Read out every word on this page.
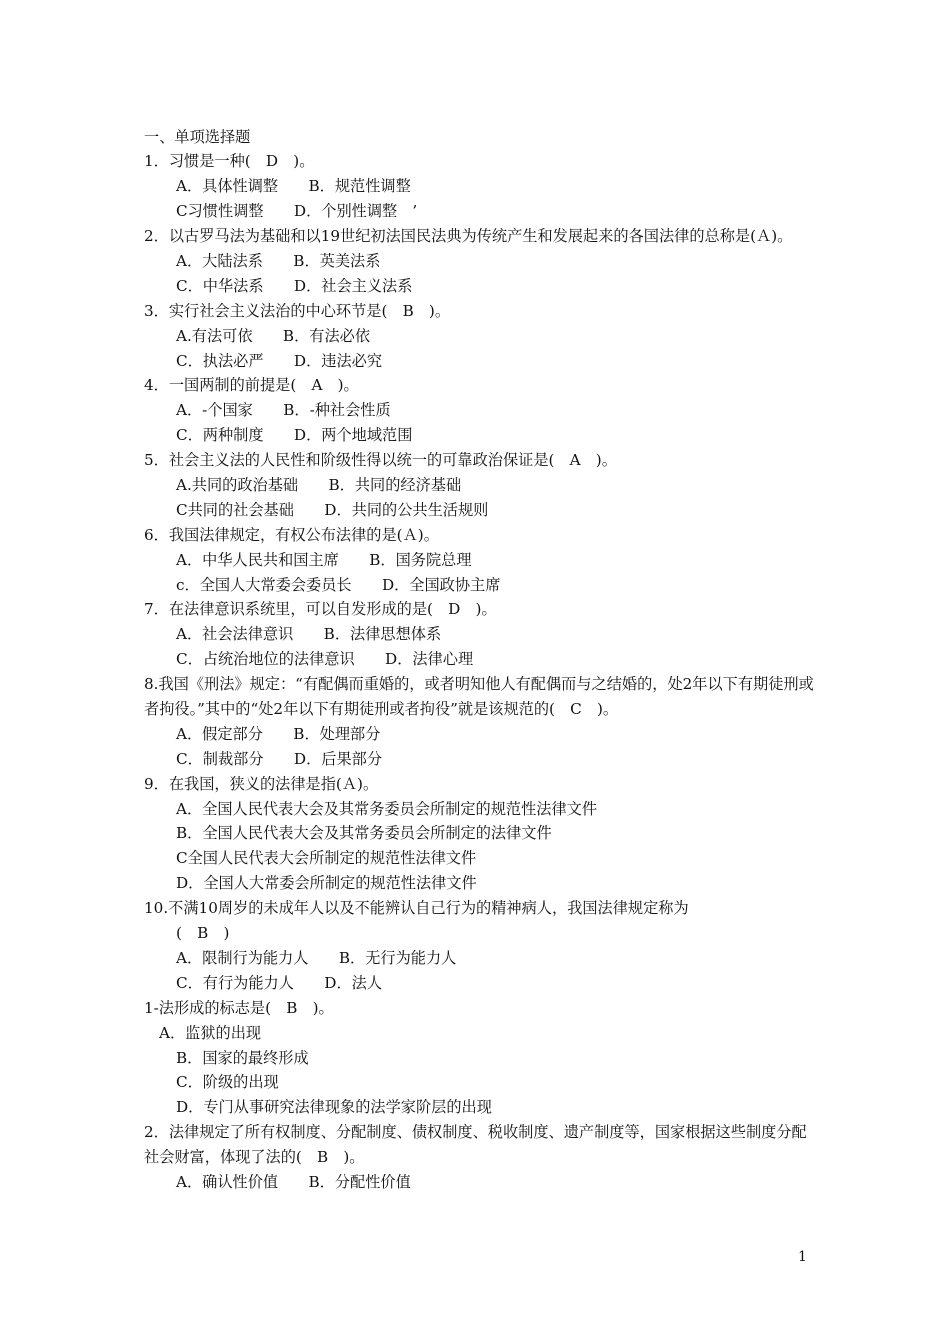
一、单项选择题
1．习惯是一种(　D　)。
A．具体性调整　　B．规范性调整
C习惯性调整　　D．个别性调整　’
2．以古罗马法为基础和以19世纪初法国民法典为传统产生和发展起来的各国法律的总称是(Ａ)。
A．大陆法系　　B．英美法系
C．中华法系　　D．社会主义法系
3．实行社会主义法治的中心环节是(　B　)。
A.有法可依　　B．有法必依
C．执法必严　　D．违法必究
4．一国两制的前提是(　A　)。
A．-个国家　　B．-种社会性质
C．两种制度　　D．两个地域范围
5．社会主义法的人民性和阶级性得以统一的可靠政治保证是(　A　)。
A.共同的政治基础　　B．共同的经济基础
C共同的社会基础　　D．共同的公共生活规则
6．我国法律规定，有权公布法律的是(Ａ)。
A．中华人民共和国主席　　B．国务院总理
c．全国人大常委会委员长　　D．全国政协主席
7．在法律意识系统里，可以自发形成的是(　D　)。
A．社会法律意识　　B．法律思想体系
C．占统治地位的法律意识　　D．法律心理
8.我国《刑法》规定：“有配偶而重婚的，或者明知他人有配偶而与之结婚的，处2年以下有期徒刑或者拘役。”其中的“处2年以下有期徒刑或者拘役”就是该规范的(　C　)。
A．假定部分　　B．处理部分
C．制裁部分　　D．后果部分
9．在我国，狭义的法律是指(Ａ)。
A．全国人民代表大会及其常务委员会所制定的规范性法律文件
B．全国人民代表大会及其常务委员会所制定的法律文件
C全国人民代表大会所制定的规范性法律文件
D．全国人大常委会所制定的规范性法律文件
10.不满10周岁的未成年人以及不能辨认自己行为的精神病人，我国法律规定称为
(　B　)
A．限制行为能力人　　B．无行为能力人
C．有行为能力人　　D．法人
1-法形成的标志是(　B　)。
A．监狱的出现
B．国家的最终形成
C．阶级的出现
D．专门从事研究法律现象的法学家阶层的出现
2．法律规定了所有权制度、分配制度、债权制度、税收制度、遗产制度等，国家根据这些制度分配社会财富，体现了法的(　B　)。
A．确认性价值　　B．分配性价值
1
